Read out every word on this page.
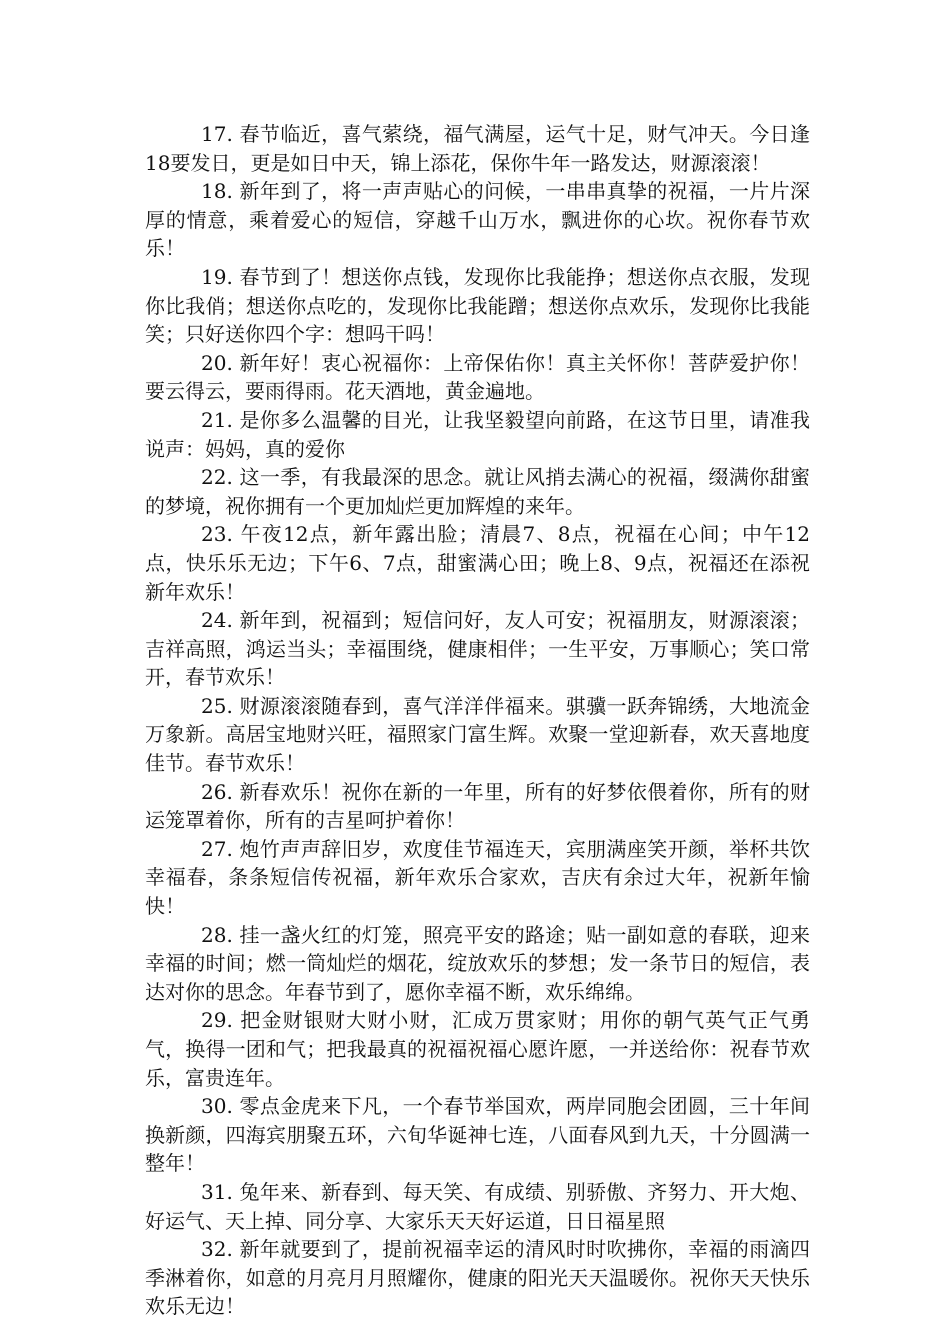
17. 春节临近，喜气萦绕，福气满屋，运气十足，财气冲天。今日逢18要发日，更是如日中天，锦上添花，保你牛年一路发达，财源滚滚！

18. 新年到了，将一声声贴心的问候，一串串真挚的祝福，一片片深厚的情意，乘着爱心的短信，穿越千山万水，飘进你的心坎。祝你春节欢乐！

19. 春节到了！想送你点钱，发现你比我能挣；想送你点衣服，发现你比我俏；想送你点吃的，发现你比我能蹭；想送你点欢乐，发现你比我能笑；只好送你四个字：想吗干吗！

20. 新年好！衷心祝福你：上帝保佑你！真主关怀你！菩萨爱护你！要云得云，要雨得雨。花天酒地，黄金遍地。

21. 是你多么温馨的目光，让我坚毅望向前路，在这节日里，请准我说声：妈妈，真的爱你

22. 这一季，有我最深的思念。就让风捎去满心的祝福，缀满你甜蜜的梦境，祝你拥有一个更加灿烂更加辉煌的来年。

23. 午夜12点，新年露出脸；清晨7、8点，祝福在心间；中午12点，快乐乐无边；下午6、7点，甜蜜满心田；晚上8、9点，祝福还在添祝新年欢乐！

24. 新年到，祝福到；短信问好，友人可安；祝福朋友，财源滚滚；吉祥高照，鸿运当头；幸福围绕，健康相伴；一生平安，万事顺心；笑口常开，春节欢乐！

25. 财源滚滚随春到，喜气洋洋伴福来。骐骥一跃奔锦绣，大地流金万象新。高居宝地财兴旺，福照家门富生辉。欢聚一堂迎新春，欢天喜地度佳节。春节欢乐！

26. 新春欢乐！祝你在新的一年里，所有的好梦依偎着你，所有的财运笼罩着你，所有的吉星呵护着你！

27. 炮竹声声辞旧岁，欢度佳节福连天，宾朋满座笑开颜，举杯共饮幸福春，条条短信传祝福，新年欢乐合家欢，吉庆有余过大年，祝新年愉快！

28. 挂一盏火红的灯笼，照亮平安的路途；贴一副如意的春联，迎来幸福的时间；燃一筒灿烂的烟花，绽放欢乐的梦想；发一条节日的短信，表达对你的思念。年春节到了，愿你幸福不断，欢乐绵绵。

29. 把金财银财大财小财，汇成万贯家财；用你的朝气英气正气勇气，换得一团和气；把我最真的祝福祝福心愿许愿，一并送给你：祝春节欢乐，富贵连年。

30. 零点金虎来下凡，一个春节举国欢，两岸同胞会团圆，三十年间换新颜，四海宾朋聚五环，六旬华诞神七连，八面春风到九天，十分圆满一整年！

31. 兔年来、新春到、每天笑、有成绩、别骄傲、齐努力、开大炮、好运气、天上掉、同分享、大家乐天天好运道，日日福星照

32. 新年就要到了，提前祝福幸运的清风时时吹拂你，幸福的雨滴四季淋着你，如意的月亮月月照耀你，健康的阳光天天温暖你。祝你天天快乐欢乐无边！
